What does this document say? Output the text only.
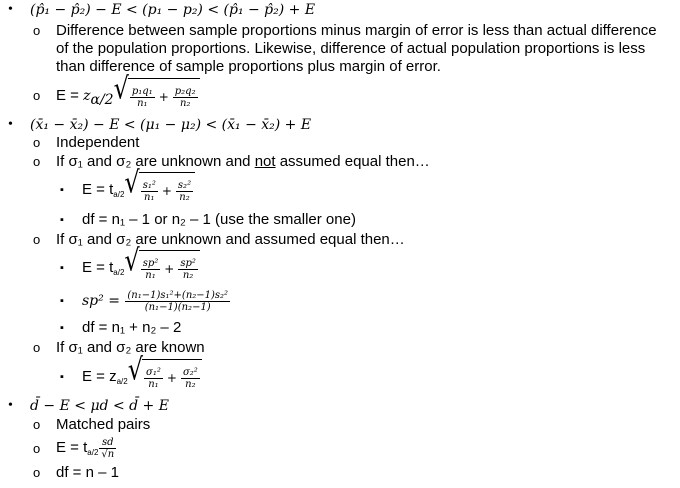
• (p̂₁ − p̂₂) − E < (p₁ − p₂) < (p̂₁ − p̂₂) + E
o Difference between sample proportions minus margin of error is less than actual difference
of the population proportions. Likewise, difference of actual population proportions is less
than difference of sample proportions plus margin of error.
o $E = z_{\alpha/2}$ √ $\frac{\text{p₁q₁}}{\text{n₁}} + \frac{\text{p₂q₂}}{\text{n₂}}$
• (x̄₁ − x̄₂) − E < (μ₁ − μ₂) < (x̄₁ − x̄₂) + E
o Independent
o If σ₁ and σ₂ are unknown and not assumed equal then…
▪ $E = t_{a/2}$ √ $\frac{\text{s₁²}}{\text{n₁}} + \frac{\text{s₂²}}{\text{n₂}}$
▪ df = n₁ – 1 or n₂ – 1 (use the smaller one)
o If σ₁ and σ₂ are unknown and assumed equal then…
▪ $E = t_{a/2}$ √ $\frac{\text{sp²}}{\text{n₁}} + \frac{\text{sp²}}{\text{n₂}}$
▪ $sp^2 = \frac{\text{(n₁−1)s₁²+(n₂−1)s₂²}}{\text{(n₁−1)(n₂−1)}}$
▪ df = n₁ + n₂ – 2
o If σ₁ and σ₂ are known
▪ $E = z_{a/2}$ √ $\frac{\text{σ₁²}}{\text{n₁}} + \frac{\text{σ₂²}}{\text{n₂}}$
• d̄ − E < μd < d̄ + E
o Matched pairs
o $E = t_{a/2} \frac{sd}{√n}$
o df = n – 1
